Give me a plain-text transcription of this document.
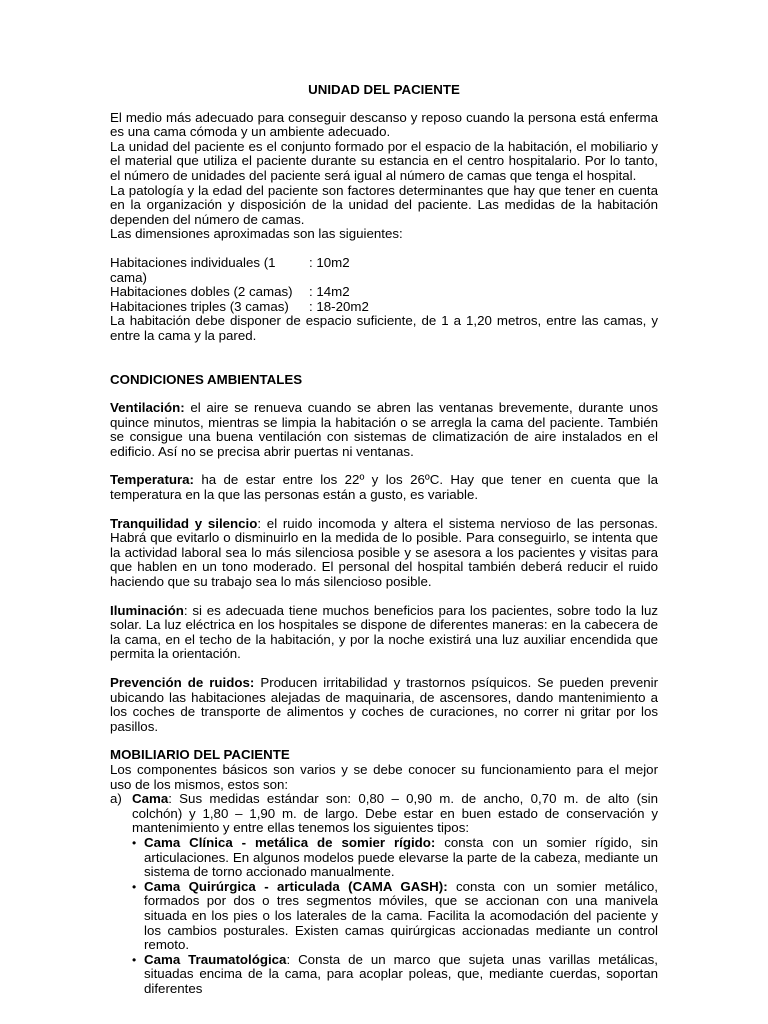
UNIDAD DEL PACIENTE

El medio más adecuado para conseguir descanso y reposo cuando la persona está enferma es una cama cómoda y un ambiente adecuado.

La unidad del paciente es el conjunto formado por el espacio de la habitación, el mobiliario y el material que utiliza el paciente durante su estancia en el centro hospitalario. Por lo tanto, el número de unidades del paciente será igual al número de camas que tenga el hospital.

La patología y la edad del paciente son factores determinantes que hay que tener en cuenta en la organización y disposición de la unidad del paciente. Las medidas de la habitación dependen del número de camas.

Las dimensiones aproximadas son las siguientes:

Habitaciones individuales (1 cama)
: 10m2
Habitaciones dobles (2 camas)	: 14m2
Habitaciones triples (3 camas)	: 18-20m2

La habitación debe disponer de espacio suficiente, de 1 a 1,20 metros, entre las camas, y entre la cama y la pared.

CONDICIONES AMBIENTALES

Ventilación: el aire se renueva cuando se abren las ventanas brevemente, durante unos quince minutos, mientras se limpia la habitación o se arregla la cama del paciente. También se consigue una buena ventilación con sistemas de climatización de aire instalados en el edificio. Así no se precisa abrir puertas ni ventanas.

Temperatura: ha de estar entre los 22º y los 26ºC. Hay que tener en cuenta que la temperatura en la que las personas están a gusto, es variable.

Tranquilidad y silencio: el ruido incomoda y altera el sistema nervioso de las personas. Habrá que evitarlo o disminuirlo en la medida de lo posible. Para conseguirlo, se intenta que la actividad laboral sea lo más silenciosa posible y se asesora a los pacientes y visitas para que hablen en un tono moderado. El personal del hospital también deberá reducir el ruido haciendo que su trabajo sea lo más silencioso posible.

Iluminación: si es adecuada tiene muchos beneficios para los pacientes, sobre todo la luz solar. La luz eléctrica en los hospitales se dispone de diferentes maneras: en la cabecera de la cama, en el techo de la habitación, y por la noche existirá una luz auxiliar encendida que permita la orientación.

Prevención de ruidos: Producen irritabilidad y trastornos psíquicos. Se pueden prevenir ubicando las habitaciones alejadas de maquinaria, de ascensores, dando mantenimiento a los coches de transporte de alimentos y coches de curaciones, no correr ni gritar por los pasillos.

MOBILIARIO DEL PACIENTE

Los componentes básicos son varios y se debe conocer su funcionamiento para el mejor uso de los mismos, estos son:

a) Cama: Sus medidas estándar son: 0,80 – 0,90 m. de ancho, 0,70 m. de alto (sin colchón) y 1,80 – 1,90 m. de largo. Debe estar en buen estado de conservación y mantenimiento y entre ellas tenemos los siguientes tipos:
• Cama Clínica - metálica de somier rígido: consta con un somier rígido, sin articulaciones. En algunos modelos puede elevarse la parte de la cabeza, mediante un sistema de torno accionado manualmente.
• Cama Quirúrgica - articulada (CAMA GASH): consta con un somier metálico, formados por dos o tres segmentos móviles, que se accionan con una manivela situada en los pies o los laterales de la cama. Facilita la acomodación del paciente y los cambios posturales. Existen camas quirúrgicas accionadas mediante un control remoto.
• Cama Traumatológica: Consta de un marco que sujeta unas varillas metálicas, situadas encima de la cama, para acoplar poleas, que, mediante cuerdas, soportan diferentes
